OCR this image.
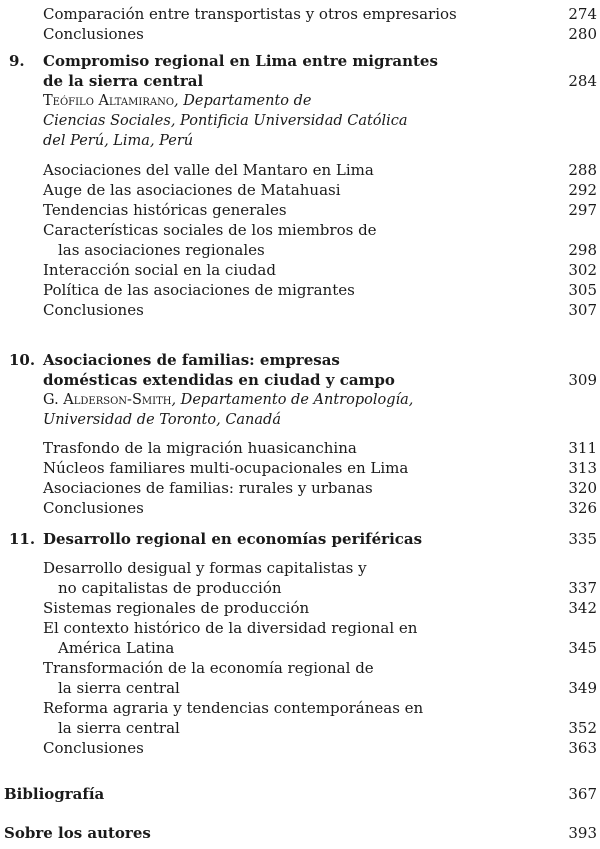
Comparación entre transportistas y otros empresarios	274
Conclusiones	280
9. Compromiso regional en Lima entre migrantes
de la sierra central	284
Teófilo Altamirano, Departamento de
Ciencias Sociales, Pontificia Universidad Católica
del Perú, Lima, Perú
Asociaciones del valle del Mantaro en Lima	288
Auge de las asociaciones de Matahuasi	292
Tendencias históricas generales	297
Características sociales de los miembros de
las asociaciones regionales	298
Interacción social en la ciudad	302
Política de las asociaciones de migrantes	305
Conclusiones	307
10. Asociaciones de familias: empresas
domésticas extendidas en ciudad y campo	309
G. Alderson-Smith, Departamento de Antropología,
Universidad de Toronto, Canadá
Trasfondo de la migración huasicanchina	311
Núcleos familiares multi-ocupacionales en Lima	313
Asociaciones de familias: rurales y urbanas	320
Conclusiones	326
11. Desarrollo regional en economías periféricas	335
Desarrollo desigual y formas capitalistas y
no capitalistas de producción	337
Sistemas regionales de producción	342
El contexto histórico de la diversidad regional en
América Latina	345
Transformación de la economía regional de
la sierra central	349
Reforma agraria y tendencias contemporáneas en
la sierra central	352
Conclusiones	363
Bibliografía	367
Sobre los autores	393
